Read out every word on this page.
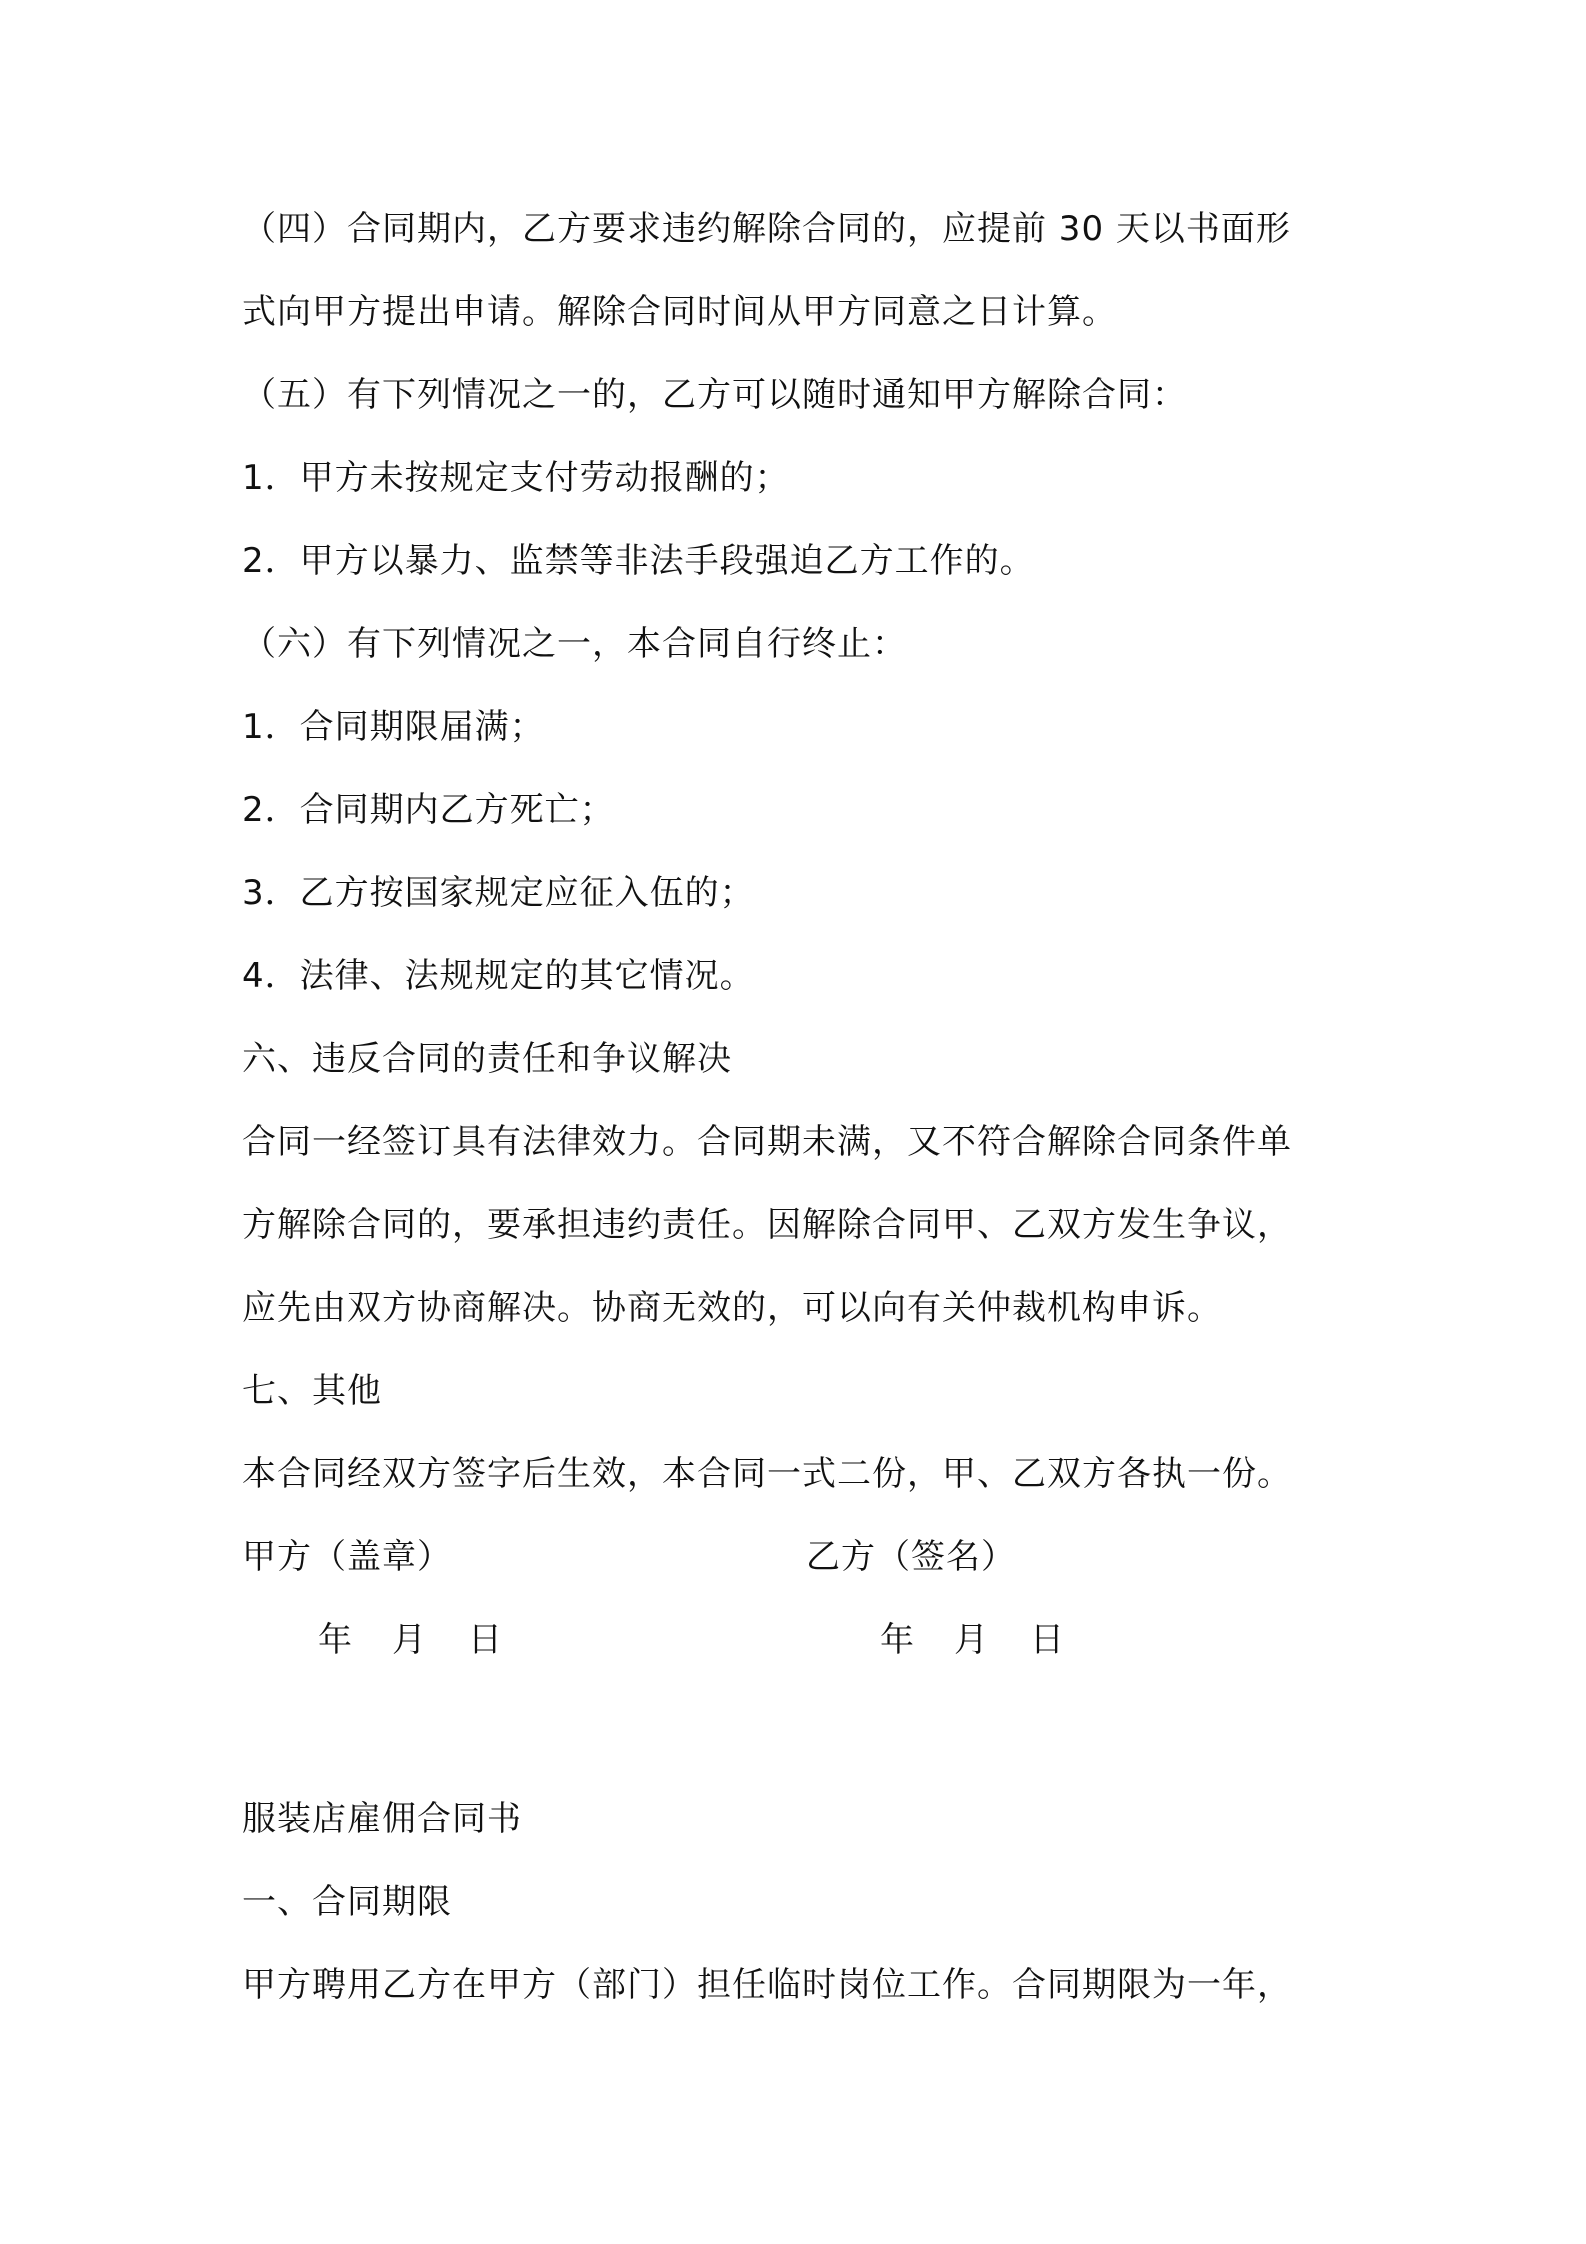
（四）合同期内，乙方要求违约解除合同的，应提前 30 天以书面形
式向甲方提出申请。解除合同时间从甲方同意之日计算。
（五）有下列情况之一的，乙方可以随时通知甲方解除合同：
1．甲方未按规定支付劳动报酬的；
2．甲方以暴力、监禁等非法手段强迫乙方工作的。
（六）有下列情况之一，本合同自行终止：
1．合同期限届满；
2．合同期内乙方死亡；
3．乙方按国家规定应征入伍的；
4．法律、法规规定的其它情况。
六、违反合同的责任和争议解决
合同一经签订具有法律效力。合同期未满，又不符合解除合同条件单
方解除合同的，要承担违约责任。因解除合同甲、乙双方发生争议，
应先由双方协商解决。协商无效的，可以向有关仲裁机构申诉。
七、其他
本合同经双方签字后生效，本合同一式二份，甲、乙双方各执一份。
甲方（盖章）	乙方（签名）
年 月 日	年 月 日
服装店雇佣合同书
一、合同期限
甲方聘用乙方在甲方（部门）担任临时岗位工作。合同期限为一年，
